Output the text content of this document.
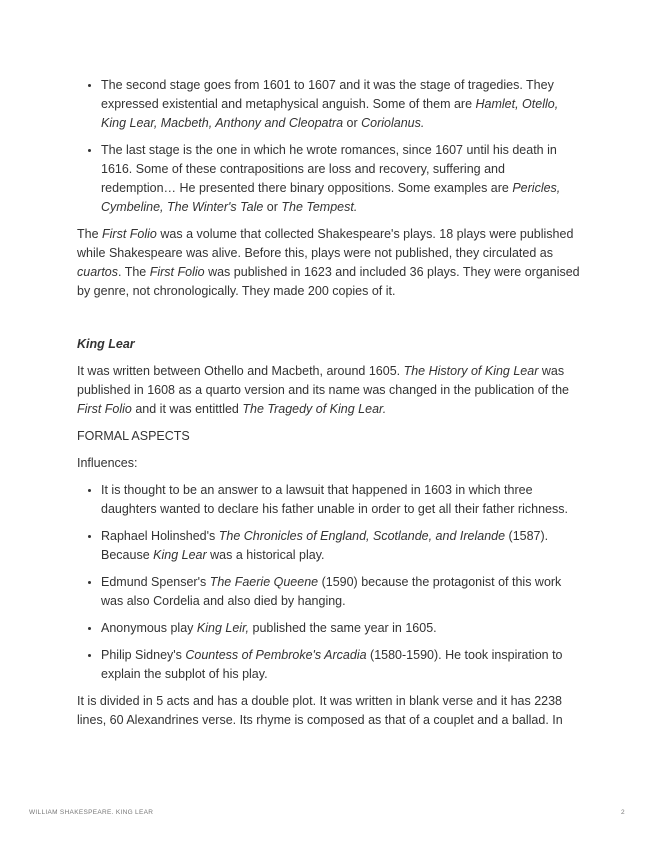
• The second stage goes from 1601 to 1607 and it was the stage of tragedies. They expressed existential and metaphysical anguish. Some of them are Hamlet, Otello, King Lear, Macbeth, Anthony and Cleopatra or Coriolanus.
• The last stage is the one in which he wrote romances, since 1607 until his death in 1616. Some of these contrapositions are loss and recovery, suffering and redemption… He presented there binary oppositions. Some examples are Pericles, Cymbeline, The Winter's Tale or The Tempest.

The First Folio was a volume that collected Shakespeare's plays. 18 plays were published while Shakespeare was alive. Before this, plays were not published, they circulated as cuartos. The First Folio was published in 1623 and included 36 plays. They were organised by genre, not chronologically. They made 200 copies of it.

King Lear

It was written between Othello and Macbeth, around 1605. The History of King Lear was published in 1608 as a quarto version and its name was changed in the publication of the First Folio and it was entittled The Tragedy of King Lear.

FORMAL ASPECTS

Influences:

• It is thought to be an answer to a lawsuit that happened in 1603 in which three daughters wanted to declare his father unable in order to get all their father richness.
• Raphael Holinshed's The Chronicles of England, Scotlande, and Irelande (1587). Because King Lear was a historical play.
• Edmund Spenser's The Faerie Queene (1590) because the protagonist of this work was also Cordelia and also died by hanging.
• Anonymous play King Leir, published the same year in 1605.
• Philip Sidney's Countess of Pembroke's Arcadia (1580-1590). He took inspiration to explain the subplot of his play.

It is divided in 5 acts and has a double plot. It was written in blank verse and it has 2238 lines, 60 Alexandrines verse. Its rhyme is composed as that of a couplet and a ballad. In

WILLIAM SHAKESPEARE. KING LEAR	2
